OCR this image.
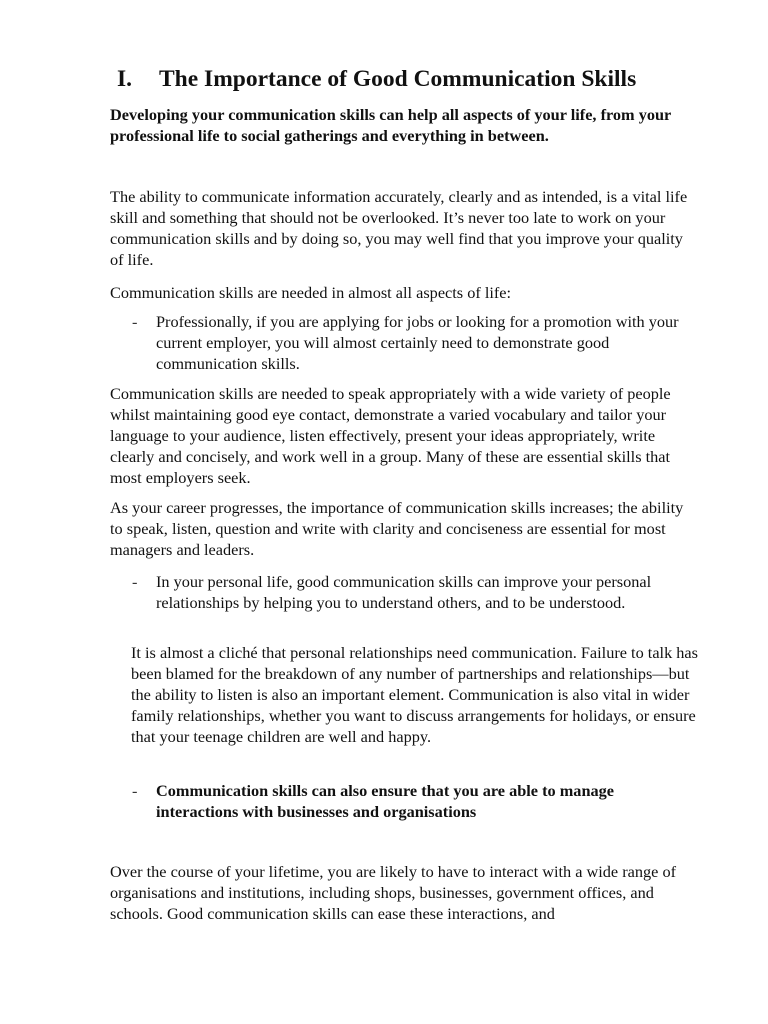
I. The Importance of Good Communication Skills
Developing your communication skills can help all aspects of your life, from your professional life to social gatherings and everything in between.
The ability to communicate information accurately, clearly and as intended, is a vital life skill and something that should not be overlooked. It’s never too late to work on your communication skills and by doing so, you may well find that you improve your quality of life.
Communication skills are needed in almost all aspects of life:
- Professionally, if you are applying for jobs or looking for a promotion with your current employer, you will almost certainly need to demonstrate good communication skills.
Communication skills are needed to speak appropriately with a wide variety of people whilst maintaining good eye contact, demonstrate a varied vocabulary and tailor your language to your audience, listen effectively, present your ideas appropriately, write clearly and concisely, and work well in a group. Many of these are essential skills that most employers seek.
As your career progresses, the importance of communication skills increases; the ability to speak, listen, question and write with clarity and conciseness are essential for most managers and leaders.
- In your personal life, good communication skills can improve your personal relationships by helping you to understand others, and to be understood.
It is almost a cliché that personal relationships need communication. Failure to talk has been blamed for the breakdown of any number of partnerships and relationships—but the ability to listen is also an important element. Communication is also vital in wider family relationships, whether you want to discuss arrangements for holidays, or ensure that your teenage children are well and happy.
- Communication skills can also ensure that you are able to manage interactions with businesses and organisations
Over the course of your lifetime, you are likely to have to interact with a wide range of organisations and institutions, including shops, businesses, government offices, and schools. Good communication skills can ease these interactions, and
